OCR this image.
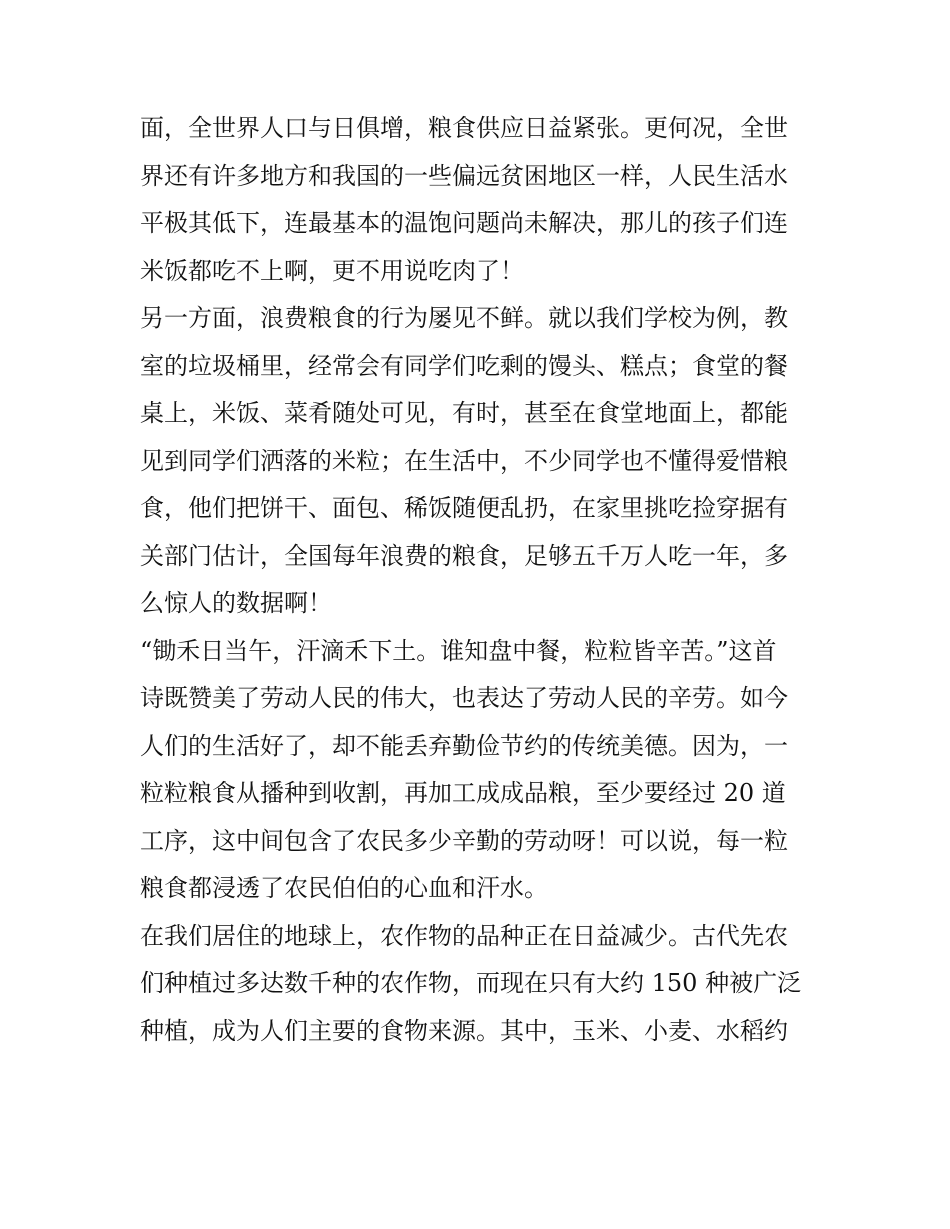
面，全世界人口与日俱增，粮食供应日益紧张。更何况，全世
界还有许多地方和我国的一些偏远贫困地区一样，人民生活水
平极其低下，连最基本的温饱问题尚未解决，那儿的孩子们连
米饭都吃不上啊，更不用说吃肉了！
另一方面，浪费粮食的行为屡见不鲜。就以我们学校为例，教
室的垃圾桶里，经常会有同学们吃剩的馒头、糕点；食堂的餐
桌上，米饭、菜肴随处可见，有时，甚至在食堂地面上，都能
见到同学们洒落的米粒；在生活中，不少同学也不懂得爱惜粮
食，他们把饼干、面包、稀饭随便乱扔，在家里挑吃捡穿据有
关部门估计，全国每年浪费的粮食，足够五千万人吃一年，多
么惊人的数据啊！
“锄禾日当午，汗滴禾下土。谁知盘中餐，粒粒皆辛苦。”这首
诗既赞美了劳动人民的伟大，也表达了劳动人民的辛劳。如今
人们的生活好了，却不能丢弃勤俭节约的传统美德。因为，一
粒粒粮食从播种到收割，再加工成成品粮，至少要经过 20 道
工序，这中间包含了农民多少辛勤的劳动呀！可以说，每一粒
粮食都浸透了农民伯伯的心血和汗水。
在我们居住的地球上，农作物的品种正在日益减少。古代先农
们种植过多达数千种的农作物，而现在只有大约 150 种被广泛
种植，成为人们主要的食物来源。其中，玉米、小麦、水稻约
